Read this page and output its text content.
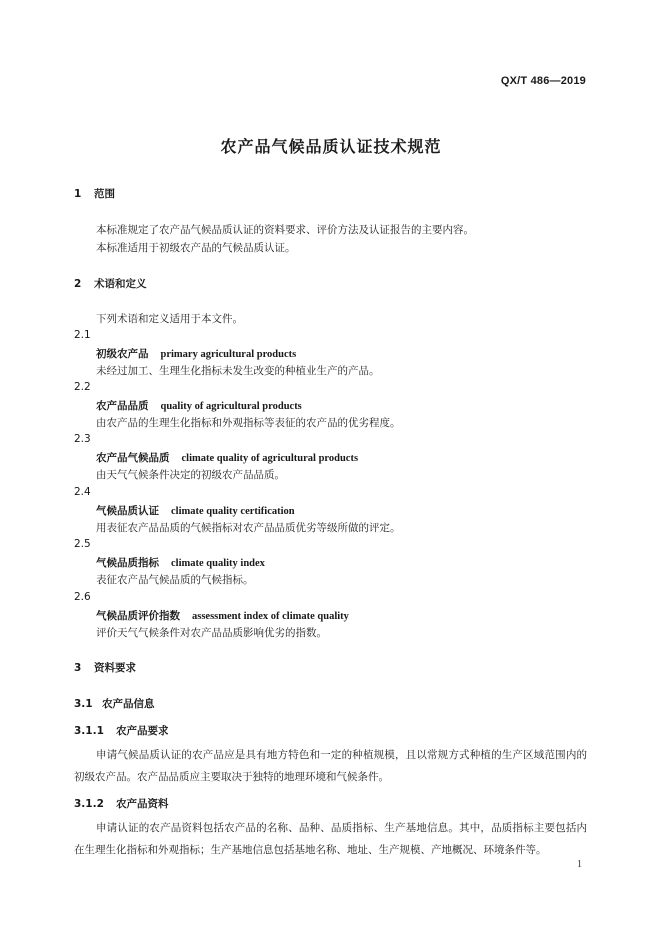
QX/T 486—2019
农产品气候品质认证技术规范
1 范围
本标准规定了农产品气候品质认证的资料要求、评价方法及认证报告的主要内容。
本标准适用于初级农产品的气候品质认证。
2 术语和定义
下列术语和定义适用于本文件。
2.1
初级农产品 primary agricultural products
未经过加工、生理生化指标未发生改变的种植业生产的产品。
2.2
农产品品质 quality of agricultural products
由农产品的生理生化指标和外观指标等表征的农产品的优劣程度。
2.3
农产品气候品质 climate quality of agricultural products
由天气气候条件决定的初级农产品品质。
2.4
气候品质认证 climate quality certification
用表征农产品品质的气候指标对农产品品质优劣等级所做的评定。
2.5
气候品质指标 climate quality index
表征农产品气候品质的气候指标。
2.6
气候品质评价指数 assessment index of climate quality
评价天气气候条件对农产品品质影响优劣的指数。
3 资料要求
3.1 农产品信息
3.1.1 农产品要求
申请气候品质认证的农产品应是具有地方特色和一定的种植规模，且以常规方式种植的生产区域范围内的初级农产品。农产品品质应主要取决于独特的地理环境和气候条件。
3.1.2 农产品资料
申请认证的农产品资料包括农产品的名称、品种、品质指标、生产基地信息。其中，品质指标主要包括内在生理生化指标和外观指标；生产基地信息包括基地名称、地址、生产规模、产地概况、环境条件等。
1
